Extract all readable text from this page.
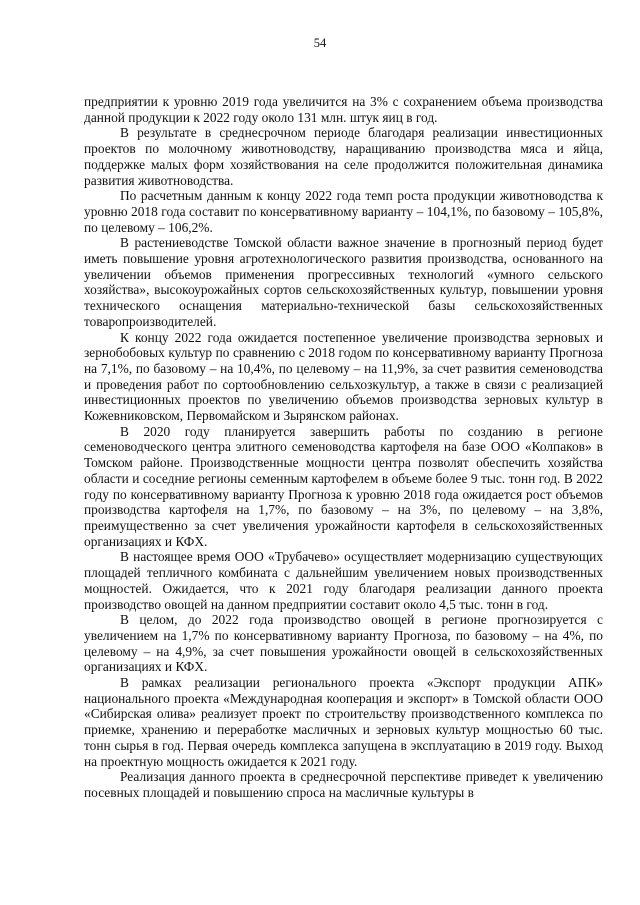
54

предприятии к уровню 2019 года увеличится на 3% с сохранением объема производства данной продукции к 2022 году около 131 млн. штук яиц в год.

В результате в среднесрочном периоде благодаря реализации инвестиционных проектов по молочному животноводству, наращиванию производства мяса и яйца, поддержке малых форм хозяйствования на селе продолжится положительная динамика развития животноводства.

По расчетным данным к концу 2022 года темп роста продукции животноводства к уровню 2018 года составит по консервативному варианту – 104,1%, по базовому – 105,8%, по целевому – 106,2%.

В растениеводстве Томской области важное значение в прогнозный период будет иметь повышение уровня агротехнологического развития производства, основанного на увеличении объемов применения прогрессивных технологий «умного сельского хозяйства», высокоурожайных сортов сельскохозяйственных культур, повышении уровня технического оснащения материально-технической базы сельскохозяйственных товаропроизводителей.

К концу 2022 года ожидается постепенное увеличение производства зерновых и зернобобовых культур по сравнению с 2018 годом по консервативному варианту Прогноза на 7,1%, по базовому – на 10,4%, по целевому – на 11,9%, за счет развития семеноводства и проведения работ по сортообновлению сельхозкультур, а также в связи с реализацией инвестиционных проектов по увеличению объемов производства зерновых культур в Кожевниковском, Первомайском и Зырянском районах.

В 2020 году планируется завершить работы по созданию в регионе семеноводческого центра элитного семеноводства картофеля на базе ООО «Колпаков» в Томском районе. Производственные мощности центра позволят обеспечить хозяйства области и соседние регионы семенным картофелем в объеме более 9 тыс. тонн год. В 2022 году по консервативному варианту Прогноза к уровню 2018 года ожидается рост объемов производства картофеля на 1,7%, по базовому – на 3%, по целевому – на 3,8%, преимущественно за счет увеличения урожайности картофеля в сельскохозяйственных организациях и КФХ.

В настоящее время ООО «Трубачево» осуществляет модернизацию существующих площадей тепличного комбината с дальнейшим увеличением новых производственных мощностей. Ожидается, что к 2021 году благодаря реализации данного проекта производство овощей на данном предприятии составит около 4,5 тыс. тонн в год.

В целом, до 2022 года производство овощей в регионе прогнозируется с увеличением на 1,7% по консервативному варианту Прогноза, по базовому – на 4%, по целевому – на 4,9%, за счет повышения урожайности овощей в сельскохозяйственных организациях и КФХ.

В рамках реализации регионального проекта «Экспорт продукции АПК» национального проекта «Международная кооперация и экспорт» в Томской области ООО «Сибирская олива» реализует проект по строительству производственного комплекса по приемке, хранению и переработке масличных и зерновых культур мощностью 60 тыс. тонн сырья в год. Первая очередь комплекса запущена в эксплуатацию в 2019 году. Выход на проектную мощность ожидается к 2021 году.

Реализация данного проекта в среднесрочной перспективе приведет к увеличению посевных площадей и повышению спроса на масличные культуры в
